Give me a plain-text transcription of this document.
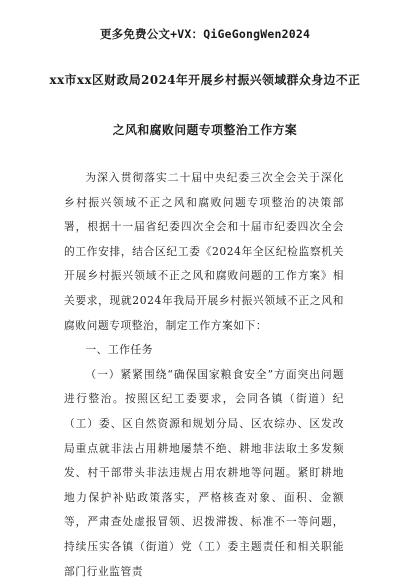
更多免费公文+VX：QiGeGongWen2024
xx市xx区财政局2024年开展乡村振兴领域群众身边不正
之风和腐败问题专项整治工作方案

为深入贯彻落实二十届中央纪委三次全会关于深化乡村振兴领域不正之风和腐败问题专项整治的决策部署，根据十一届省纪委四次全会和十届市纪委四次全会的工作安排，结合区纪工委《2024年全区纪检监察机关开展乡村振兴领域不正之风和腐败问题的工作方案》相关要求，现就2024年我局开展乡村振兴领域不正之风和腐败问题专项整治，制定工作方案如下：

一、工作任务

（一）紧紧围绕“确保国家粮食安全”方面突出问题进行整治。按照区纪工委要求，会同各镇（街道）纪（工）委、区自然资源和规划分局、区农综办、区发改局重点就非法占用耕地屡禁不绝、耕地非法取土多发频发、村干部带头非法违规占用农耕地等问题。紧盯耕地地力保护补贴政策落实，严格核查对象、面积、金额等，严肃查处虚报冒领、迟拨滞拨、标准不一等问题，持续压实各镇（街道）党（工）委主题责任和相关职能部门行业监管责
